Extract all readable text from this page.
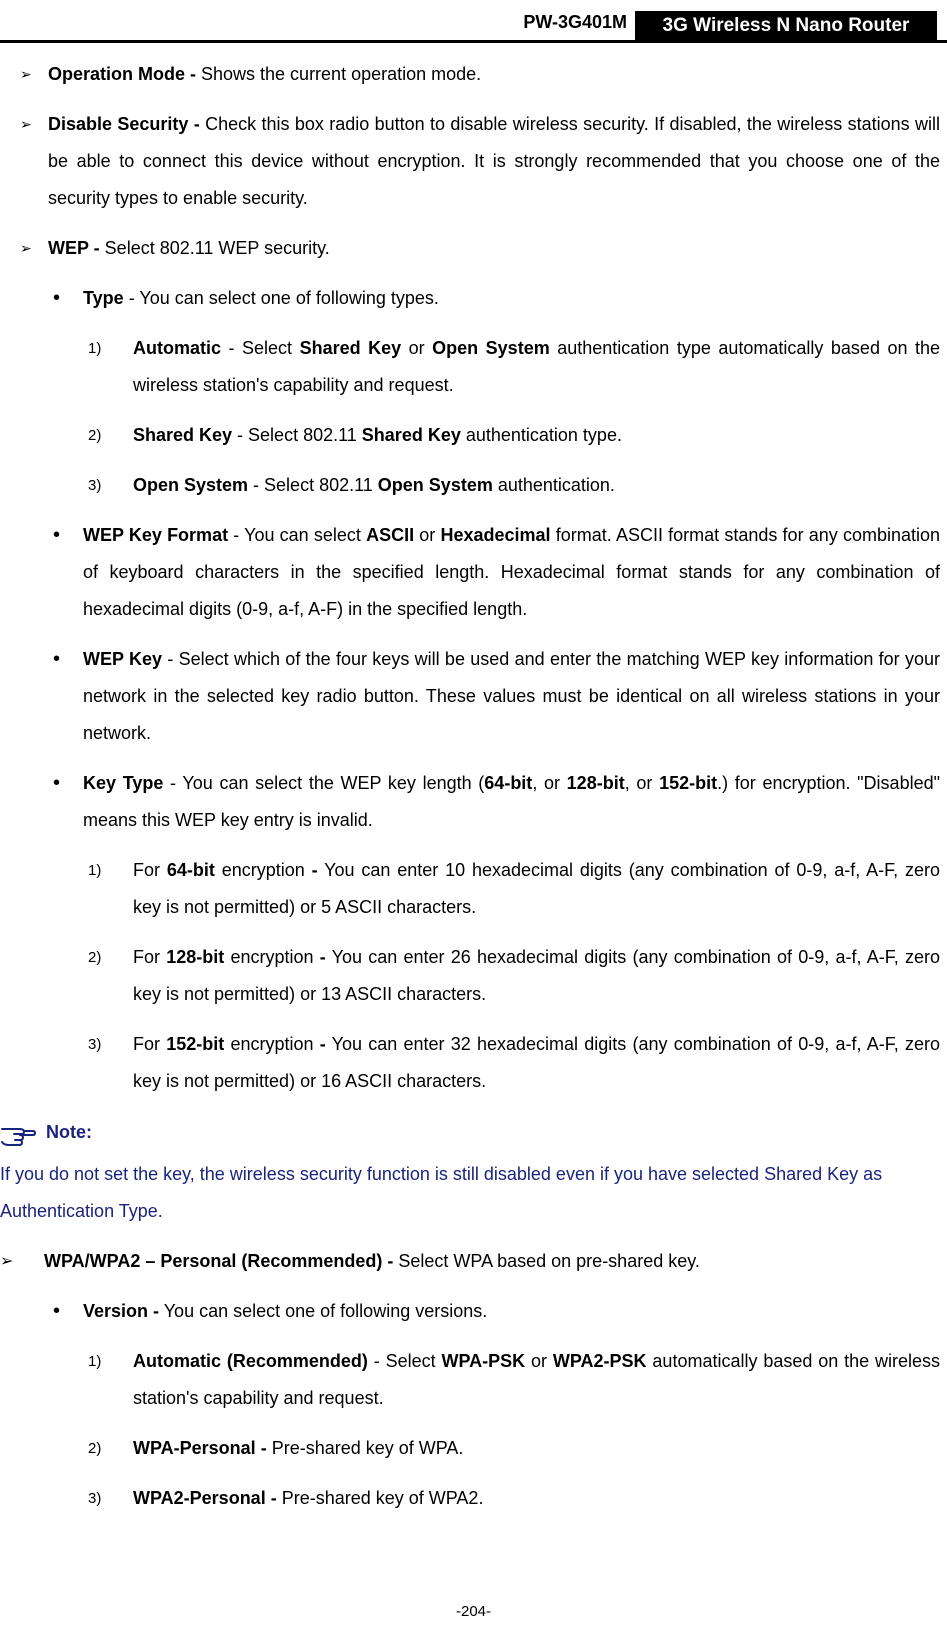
PW-3G401M	3G Wireless N Nano Router
➢ Operation Mode - Shows the current operation mode.
➢ Disable Security - Check this box radio button to disable wireless security. If disabled, the wireless stations will be able to connect this device without encryption. It is strongly recommended that you choose one of the security types to enable security.
➢ WEP - Select 802.11 WEP security.
• Type - You can select one of following types.
1) Automatic - Select Shared Key or Open System authentication type automatically based on the wireless station's capability and request.
2) Shared Key - Select 802.11 Shared Key authentication type.
3) Open System - Select 802.11 Open System authentication.
• WEP Key Format - You can select ASCII or Hexadecimal format. ASCII format stands for any combination of keyboard characters in the specified length. Hexadecimal format stands for any combination of hexadecimal digits (0-9, a-f, A-F) in the specified length.
• WEP Key - Select which of the four keys will be used and enter the matching WEP key information for your network in the selected key radio button. These values must be identical on all wireless stations in your network.
• Key Type - You can select the WEP key length (64-bit, or 128-bit, or 152-bit.) for encryption. "Disabled" means this WEP key entry is invalid.
1) For 64-bit encryption - You can enter 10 hexadecimal digits (any combination of 0-9, a-f, A-F, zero key is not permitted) or 5 ASCII characters.
2) For 128-bit encryption - You can enter 26 hexadecimal digits (any combination of 0-9, a-f, A-F, zero key is not permitted) or 13 ASCII characters.
3) For 152-bit encryption - You can enter 32 hexadecimal digits (any combination of 0-9, a-f, A-F, zero key is not permitted) or 16 ASCII characters.
Note:
If you do not set the key, the wireless security function is still disabled even if you have selected Shared Key as Authentication Type.
➢ WPA/WPA2 – Personal (Recommended) - Select WPA based on pre-shared key.
• Version - You can select one of following versions.
1) Automatic (Recommended) - Select WPA-PSK or WPA2-PSK automatically based on the wireless station's capability and request.
2) WPA-Personal - Pre-shared key of WPA.
3) WPA2-Personal - Pre-shared key of WPA2.
-204-
